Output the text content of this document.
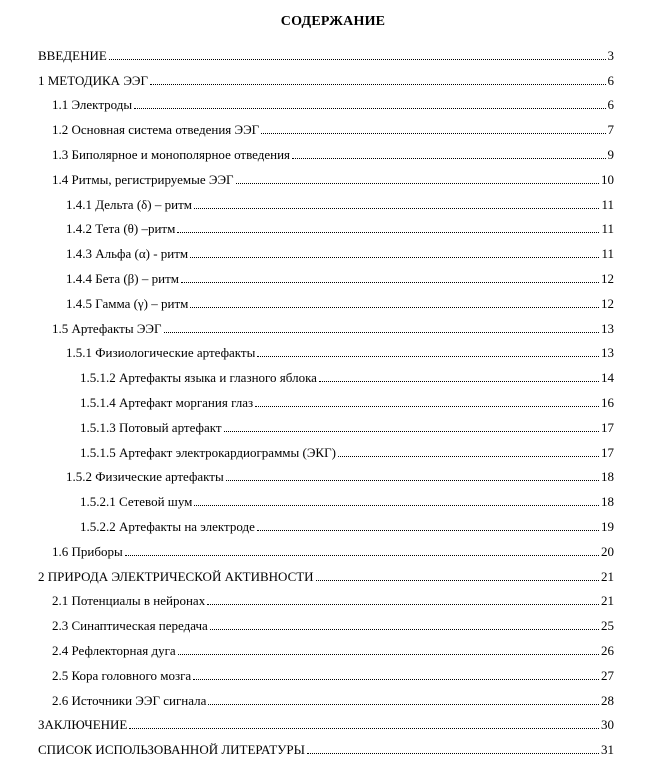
СОДЕРЖАНИЕ
ВВЕДЕНИЕ	3
1 МЕТОДИКА ЭЭГ	6
1.1 Электроды	6
1.2 Основная система отведения ЭЭГ	7
1.3 Биполярное и монополярное отведения	9
1.4 Ритмы, регистрируемые ЭЭГ	10
1.4.1 Дельта (δ) – ритм	11
1.4.2 Тета (θ) –ритм	11
1.4.3 Альфа (α) - ритм	11
1.4.4 Бета (β) – ритм	12
1.4.5 Гамма (γ) – ритм	12
1.5 Артефакты ЭЭГ	13
1.5.1 Физиологические артефакты	13
1.5.1.2 Артефакты языка и глазного яблока	14
1.5.1.4 Артефакт моргания глаз	16
1.5.1.3 Потовый артефакт	17
1.5.1.5 Артефакт электрокардиограммы (ЭКГ)	17
1.5.2 Физические артефакты	18
1.5.2.1 Сетевой шум	18
1.5.2.2 Артефакты на электроде	19
1.6 Приборы	20
2 ПРИРОДА ЭЛЕКТРИЧЕСКОЙ АКТИВНОСТИ	21
2.1 Потенциалы в нейронах	21
2.3 Синаптическая передача	25
2.4 Рефлекторная дуга	26
2.5 Кора головного мозга	27
2.6 Источники ЭЭГ сигнала	28
ЗАКЛЮЧЕНИЕ	30
СПИСОК ИСПОЛЬЗОВАННОЙ ЛИТЕРАТУРЫ	31
